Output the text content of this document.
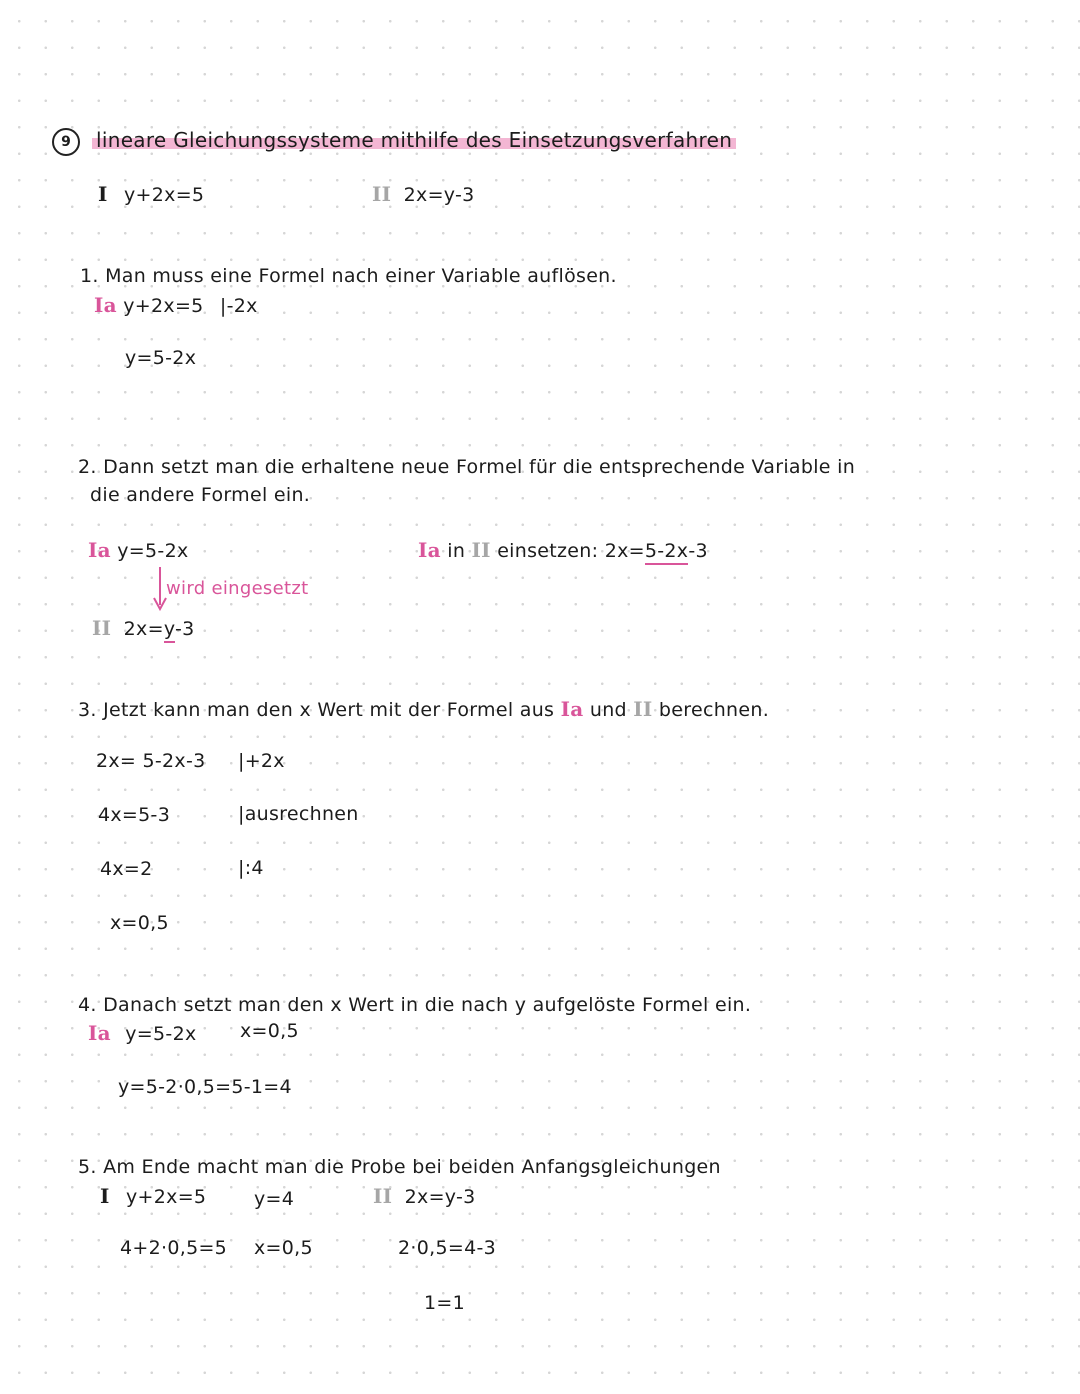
9	lineare Gleichungssysteme mithilfe des Einsetzungsverfahren
I y+2x=5	II 2x=y-3
1. Man muss eine Formel nach einer Variable auflösen.
Ia y+2x=5 |-2x
y=5-2x
2. Dann setzt man die erhaltene neue Formel für die entsprechende Variable in
die andere Formel ein.
Ia y=5-2x
wird eingesetzt
II 2x=y-3
Ia in II einsetzen: 2x=5-2x-3
3. Jetzt kann man den x Wert mit der Formel aus Ia und II berechnen.
2x= 5-2x-3 |+2x
4x=5-3	|ausrechnen
4x=2	|:4
x=0,5
4. Danach setzt man den x Wert in die nach y aufgelöste Formel ein.
Ia y=5-2x x=0,5
y=5-2·0,5=5-1=4
5. Am Ende macht man die Probe bei beiden Anfangsgleichungen
I y+2x=5	y=4	II 2x=y-3
4+2·0,5=5 x=0,5	2·0,5=4-3
1=1
